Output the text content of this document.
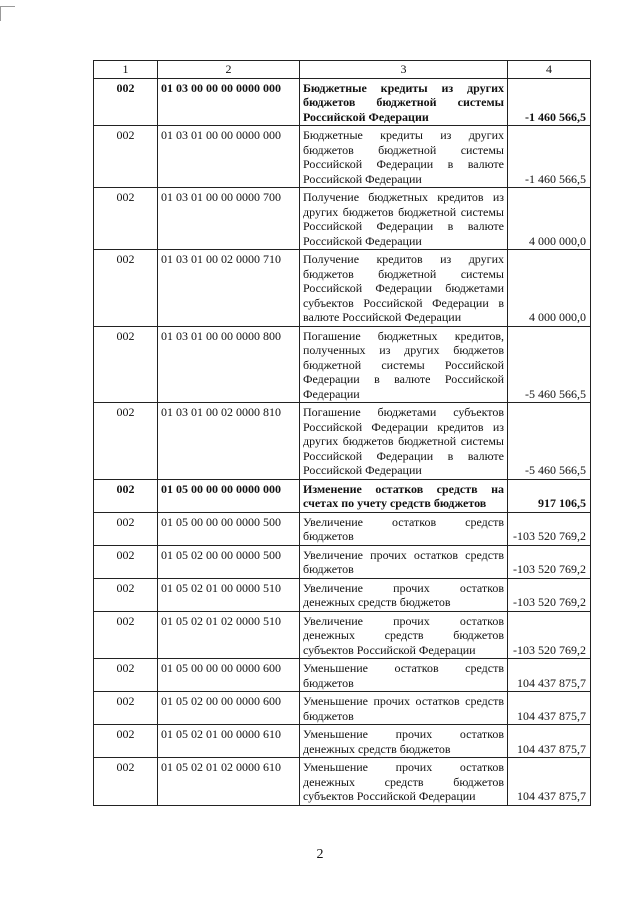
1	2	3	4
002	01 03 00 00 00 0000 000	Бюджетные кредиты из других бюджетов бюджетной системы Российской Федерации	-1 460 566,5
002	01 03 01 00 00 0000 000	Бюджетные кредиты из других бюджетов бюджетной системы Российской Федерации в валюте Российской Федерации	-1 460 566,5
002	01 03 01 00 00 0000 700	Получение бюджетных кредитов из других бюджетов бюджетной системы Российской Федерации в валюте Российской Федерации	4 000 000,0
002	01 03 01 00 02 0000 710	Получение кредитов из других бюджетов бюджетной системы Российской Федерации бюджетами субъектов Российской Федерации в валюте Российской Федерации	4 000 000,0
002	01 03 01 00 00 0000 800	Погашение бюджетных кредитов, полученных из других бюджетов бюджетной системы Российской Федерации в валюте Российской Федерации	-5 460 566,5
002	01 03 01 00 02 0000 810	Погашение бюджетами субъектов Российской Федерации кредитов из других бюджетов бюджетной системы Российской Федерации в валюте Российской Федерации	-5 460 566,5
002	01 05 00 00 00 0000 000	Изменение остатков средств на счетах по учету средств бюджетов	917 106,5
002	01 05 00 00 00 0000 500	Увеличение остатков средств бюджетов	-103 520 769,2
002	01 05 02 00 00 0000 500	Увеличение прочих остатков средств бюджетов	-103 520 769,2
002	01 05 02 01 00 0000 510	Увеличение прочих остатков денежных средств бюджетов	-103 520 769,2
002	01 05 02 01 02 0000 510	Увеличение прочих остатков денежных средств бюджетов субъектов Российской Федерации	-103 520 769,2
002	01 05 00 00 00 0000 600	Уменьшение остатков средств бюджетов	104 437 875,7
002	01 05 02 00 00 0000 600	Уменьшение прочих остатков средств бюджетов	104 437 875,7
002	01 05 02 01 00 0000 610	Уменьшение прочих остатков денежных средств бюджетов	104 437 875,7
002	01 05 02 01 02 0000 610	Уменьшение прочих остатков денежных средств бюджетов субъектов Российской Федерации	104 437 875,7
2
